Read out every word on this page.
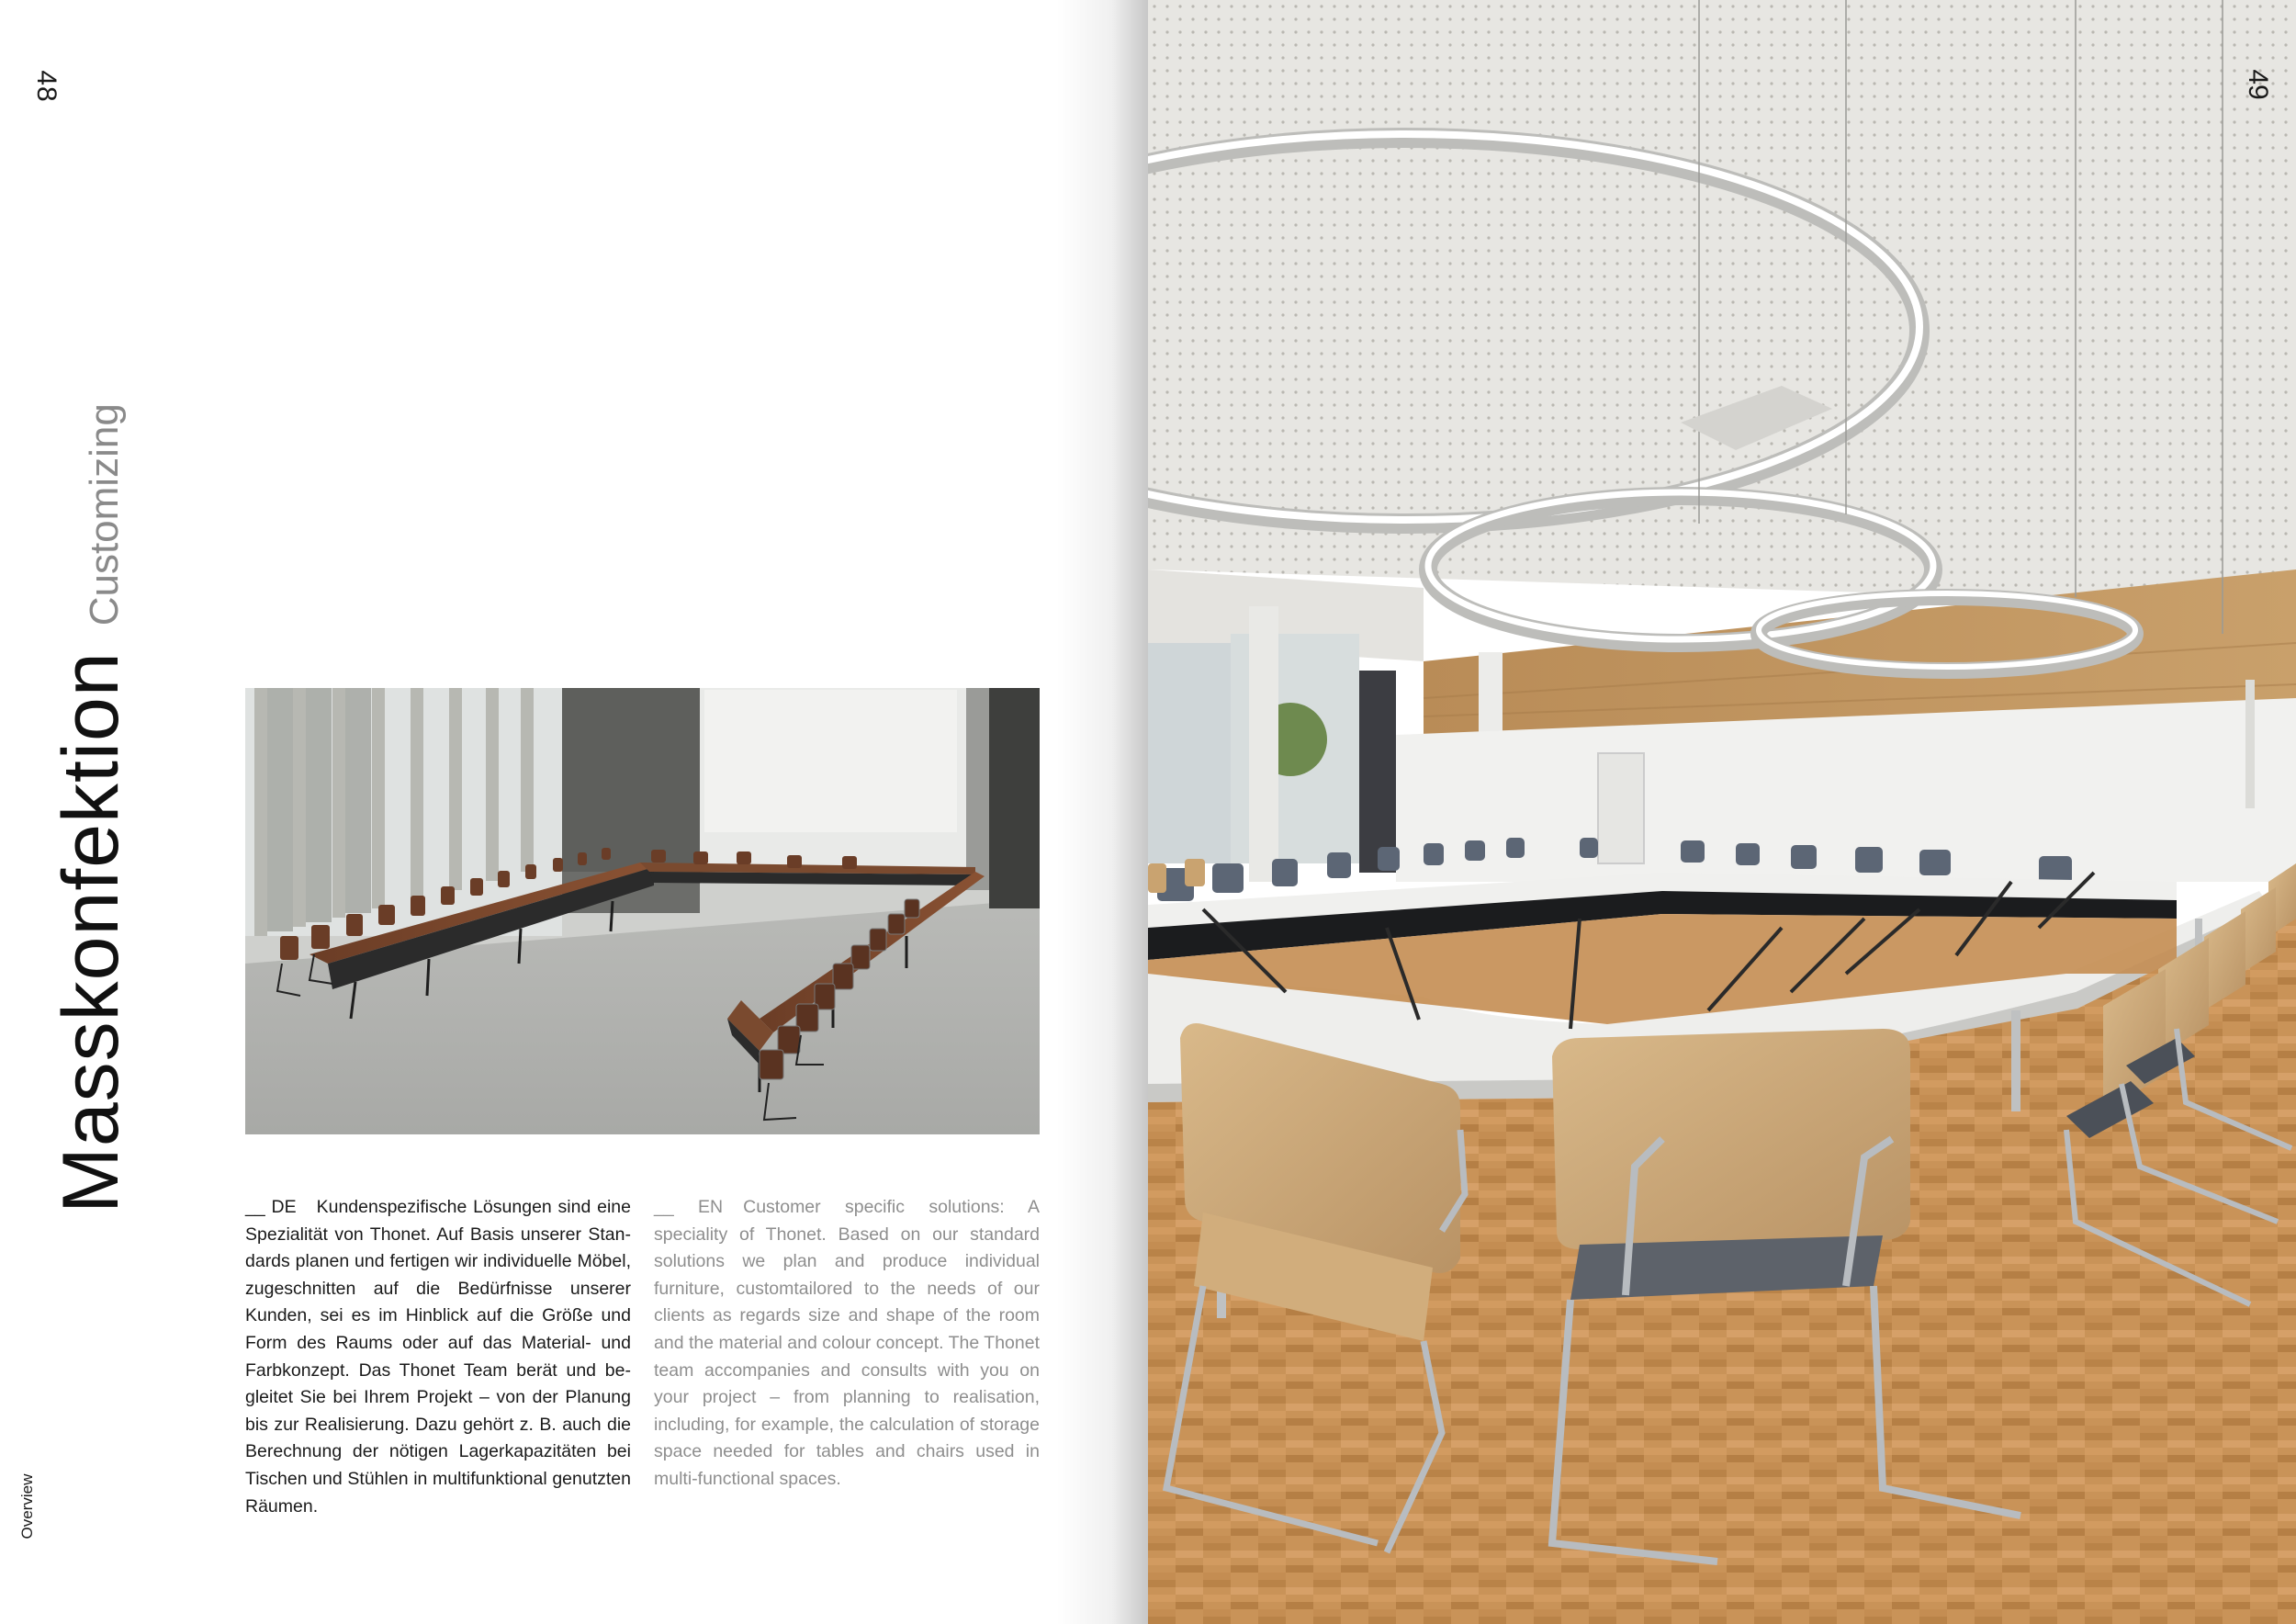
48
Masskonfektion
Customizing
Overview
__ DE Kundenspezifische Lösungen sind eine Spezialität von Thonet. Auf Basis unserer Standards planen und fertigen wir individuelle Möbel, zugeschnitten auf die Bedürfnisse unserer Kunden, sei es im Hinblick auf die Größe und Form des Raums oder auf das Material- und Farbkonzept. Das Thonet Team berät und begleitet Sie bei Ihrem Projekt – von der Planung bis zur Realisierung. Dazu gehört z. B. auch die Berechnung der nötigen Lagerkapazitäten bei Tischen und Stühlen in multifunktional genutzten Räumen.
__ EN Customer specific solutions: A speciality of Thonet. Based on our standard solutions we plan and produce individual furniture, customtailored to the needs of our clients as regards size and shape of the room and the material and colour concept. The Thonet team accompanies and consults with you on your project – from planning to realisation, including, for example, the calculation of storage space needed for tables and chairs used in multi-functional spaces.
49
